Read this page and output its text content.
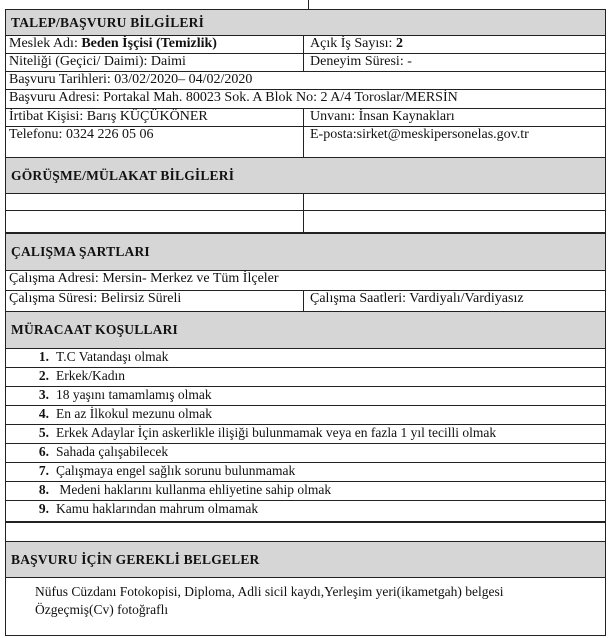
TALEP/BAŞVURU BİLGİLERİ
Meslek Adı: Beden İşçisi (Temizlik)	Açık İş Sayısı: 2
Niteliği (Geçici/ Daimi): Daimi	Deneyim Süresi: -
Başvuru Tarihleri: 03/02/2020– 04/02/2020
Başvuru Adresi: Portakal Mah. 80023 Sok. A Blok No: 2 A/4 Toroslar/MERSİN
İrtibat Kişisi: Barış KÜÇÜKÖNER	Unvanı: İnsan Kaynakları
Telefonu: 0324 226 05 06	E-posta:sirket@meskipersonelas.gov.tr
GÖRÜŞME/MÜLAKAT BİLGİLERİ
ÇALIŞMA ŞARTLARI
Çalışma Adresi: Mersin- Merkez ve Tüm İlçeler
Çalışma Süresi: Belirsiz Süreli	Çalışma Saatleri: Vardiyalı/Vardiyasız
MÜRACAAT KOŞULLARI
1. T.C Vatandaşı olmak
2. Erkek/Kadın
3. 18 yaşını tamamlamış olmak
4. En az İlkokul mezunu olmak
5. Erkek Adaylar İçin askerlikle ilişiği bulunmamak veya en fazla 1 yıl tecilli olmak
6. Sahada çalışabilecek
7. Çalışmaya engel sağlık sorunu bulunmamak
8. Medeni haklarını kullanma ehliyetine sahip olmak
9. Kamu haklarından mahrum olmamak
BAŞVURU İÇİN GEREKLİ BELGELER
Nüfus Cüzdanı Fotokopisi, Diploma, Adli sicil kaydı,Yerleşim yeri(ikametgah) belgesi
Özgeçmiş(Cv) fotoğraflı
